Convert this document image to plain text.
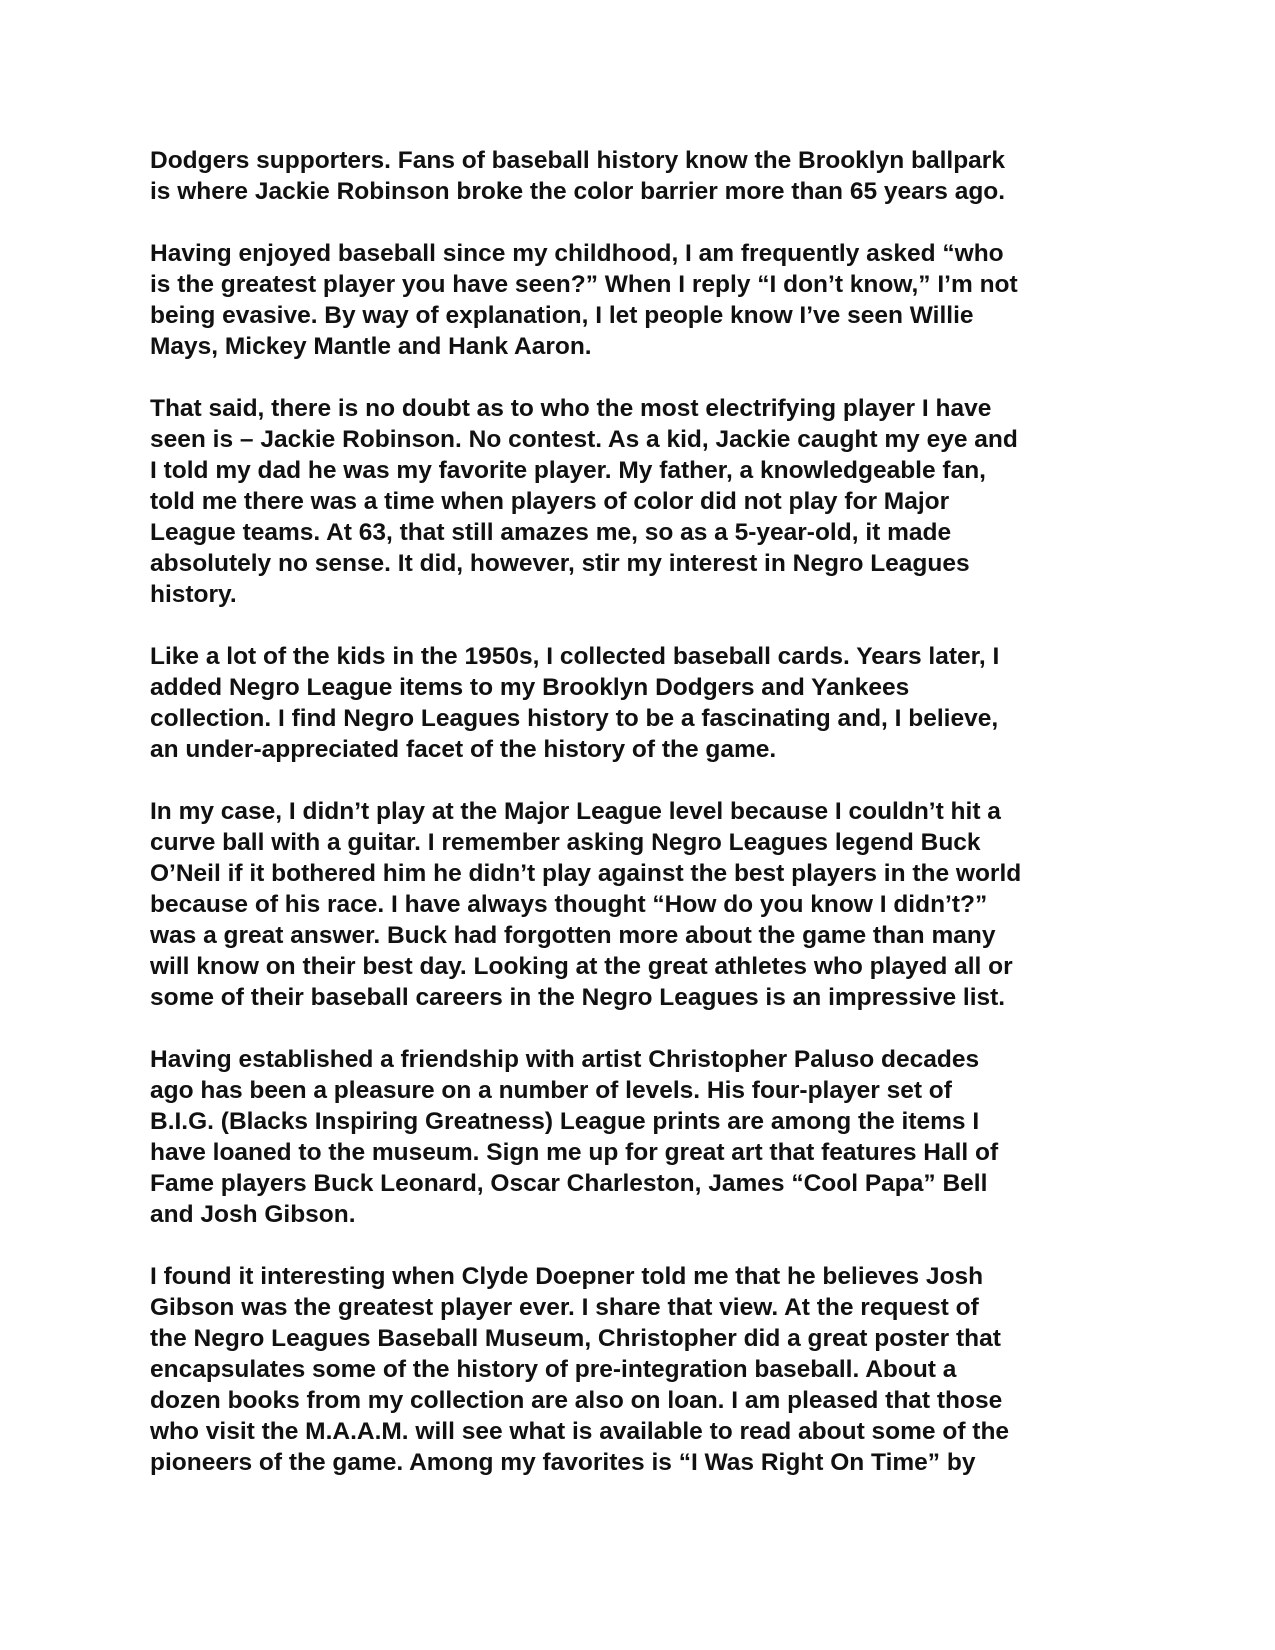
Dodgers supporters. Fans of baseball history know the Brooklyn ballpark
is where Jackie Robinson broke the color barrier more than 65 years ago.

Having enjoyed baseball since my childhood, I am frequently asked “who
is the greatest player you have seen?” When I reply “I don’t know,” I’m not
being evasive. By way of explanation, I let people know I’ve seen Willie
Mays, Mickey Mantle and Hank Aaron.

That said, there is no doubt as to who the most electrifying player I have
seen is – Jackie Robinson. No contest. As a kid, Jackie caught my eye and
I told my dad he was my favorite player. My father, a knowledgeable fan,
told me there was a time when players of color did not play for Major
League teams. At 63, that still amazes me, so as a 5-year-old, it made
absolutely no sense. It did, however, stir my interest in Negro Leagues
history.

Like a lot of the kids in the 1950s, I collected baseball cards. Years later, I
added Negro League items to my Brooklyn Dodgers and Yankees
collection. I find Negro Leagues history to be a fascinating and, I believe,
an under-appreciated facet of the history of the game.

In my case, I didn’t play at the Major League level because I couldn’t hit a
curve ball with a guitar. I remember asking Negro Leagues legend Buck
O’Neil if it bothered him he didn’t play against the best players in the world
because of his race. I have always thought “How do you know I didn’t?”
was a great answer. Buck had forgotten more about the game than many
will know on their best day. Looking at the great athletes who played all or
some of their baseball careers in the Negro Leagues is an impressive list.

Having established a friendship with artist Christopher Paluso decades
ago has been a pleasure on a number of levels. His four-player set of
B.I.G. (Blacks Inspiring Greatness) League prints are among the items I
have loaned to the museum. Sign me up for great art that features Hall of
Fame players Buck Leonard, Oscar Charleston, James “Cool Papa” Bell
and Josh Gibson.

I found it interesting when Clyde Doepner told me that he believes Josh
Gibson was the greatest player ever. I share that view. At the request of
the Negro Leagues Baseball Museum, Christopher did a great poster that
encapsulates some of the history of pre-integration baseball. About a
dozen books from my collection are also on loan. I am pleased that those
who visit the M.A.A.M. will see what is available to read about some of the
pioneers of the game. Among my favorites is “I Was Right On Time” by
